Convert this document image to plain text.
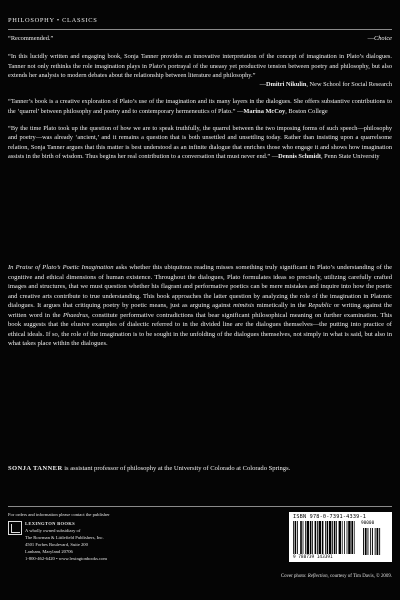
PHILOSOPHY • CLASSICS
“Recommended.”	—Choice
“In this lucidly written and engaging book, Sonja Tanner provides an innovative interpretation of the concept of imagination in Plato’s dialogues. Tanner not only rethinks the role imagination plays in Plato’s portrayal of the uneasy yet productive tension between poetry and philosophy, but also extends her analysis to modern debates about the relationship between literature and philosophy.”
—Dmitri Nikulin, New School for Social Research
“Tanner’s book is a creative exploration of Plato’s use of the imagination and its many layers in the dialogues. She offers substantive contributions to the ‘quarrel’ between philosophy and poetry and to contemporary hermeneutics of Plato.” —Marina McCoy, Boston College
“By the time Plato took up the question of how we are to speak truthfully, the quarrel between the two imposing forms of such speech—philosophy and poetry—was already ‘ancient,’ and it remains a question that is both unsettled and unsettling today. Rather than insisting upon a quarrelsome relation, Sonja Tanner argues that this matter is best understood as an infinite dialogue that enriches those who engage it and shows how imagination assists in the birth of wisdom. Thus begins her real contribution to a conversation that must never end.” —Dennis Schmidt, Penn State University
In Praise of Plato’s Poetic Imagination asks whether this ubiquitous reading misses something truly significant in Plato’s understanding of the cognitive and ethical dimensions of human existence. Throughout the dialogues, Plato formulates ideas so precisely, utilizing carefully crafted images and structures, that we must question whether his flagrant and performative poetics can be mere mistakes and inquire into how the poetic and creative arts contribute to true understanding. This book approaches the latter question by analyzing the role of the imagination in Platonic dialogues. It argues that critiquing poetry by poetic means, just as arguing against mimēsis mimetically in the Republic or writing against the written word in the Phaedrus, constitute performative contradictions that bear significant philosophical meaning on further examination. This book suggests that the elusive examples of dialectic referred to in the divided line are the dialogues themselves—the putting into practice of ethical ideals. If so, the role of the imagination is to be sought in the unfolding of the dialogues themselves, not simply in what is said, but also in what takes place within the dialogues.
SONJA TANNER is assistant professor of philosophy at the University of Colorado at Colorado Springs.
For orders and information please contact the publisher
LEXINGTON BOOKS
A wholly owned subsidiary of
The Rowman & Littlefield Publishers, Inc.
4501 Forbes Boulevard, Suite 200
Lanham, Maryland 20706
1-800-462-6420 • www.lexingtonbooks.com
ISBN 978-0-7391-4339-1
90000
9 780739 143391
Cover photo: Reflection, courtesy of Tim Davis, © 2009.
